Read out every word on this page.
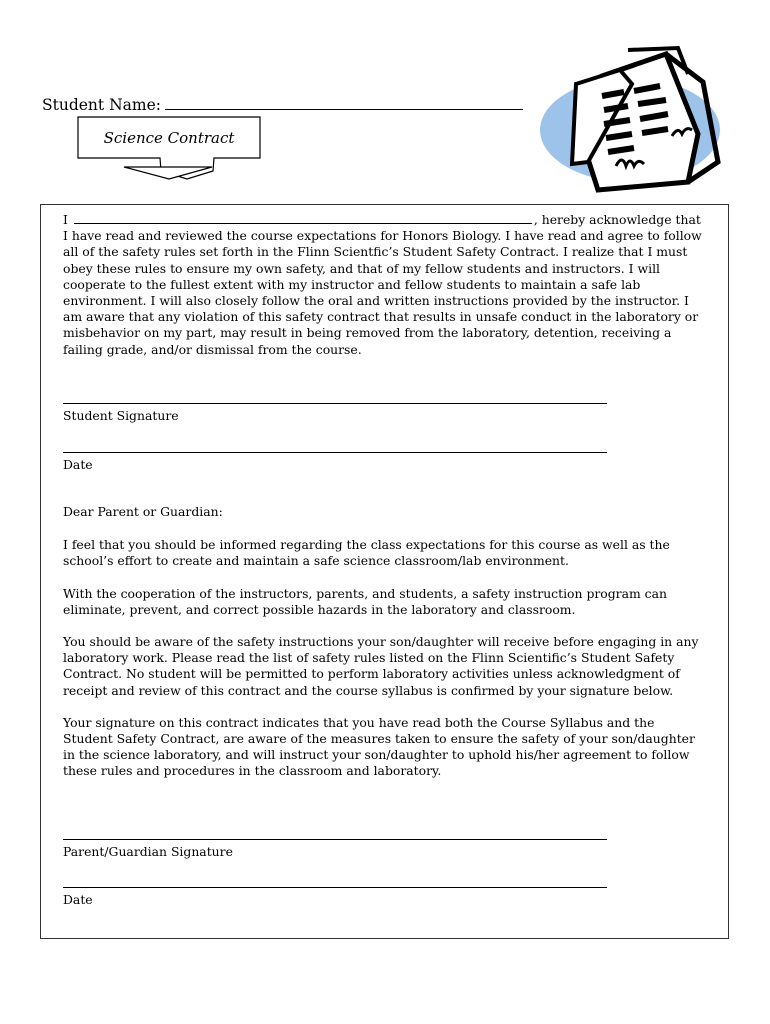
Student Name:
Science Contract

I	, hereby acknowledge that I have read and reviewed the course expectations for Honors Biology. I have read and agree to follow all of the safety rules set forth in the Flinn Scientfic’s Student Safety Contract. I realize that I must obey these rules to ensure my own safety, and that of my fellow students and instructors. I will cooperate to the fullest extent with my instructor and fellow students to maintain a safe lab environment. I will also closely follow the oral and written instructions provided by the instructor. I am aware that any violation of this safety contract that results in unsafe conduct in the laboratory or misbehavior on my part, may result in being removed from the laboratory, detention, receiving a failing grade, and/or dismissal from the course.

Student Signature
Date

Dear Parent or Guardian:

I feel that you should be informed regarding the class expectations for this course as well as the school’s effort to create and maintain a safe science classroom/lab environment.

With the cooperation of the instructors, parents, and students, a safety instruction program can eliminate, prevent, and correct possible hazards in the laboratory and classroom.

You should be aware of the safety instructions your son/daughter will receive before engaging in any laboratory work. Please read the list of safety rules listed on the Flinn Scientific’s Student Safety Contract. No student will be permitted to perform laboratory activities unless acknowledgment of receipt and review of this contract and the course syllabus is confirmed by your signature below.

Your signature on this contract indicates that you have read both the Course Syllabus and the Student Safety Contract, are aware of the measures taken to ensure the safety of your son/daughter in the science laboratory, and will instruct your son/daughter to uphold his/her agreement to follow these rules and procedures in the classroom and laboratory.

Parent/Guardian Signature
Date
